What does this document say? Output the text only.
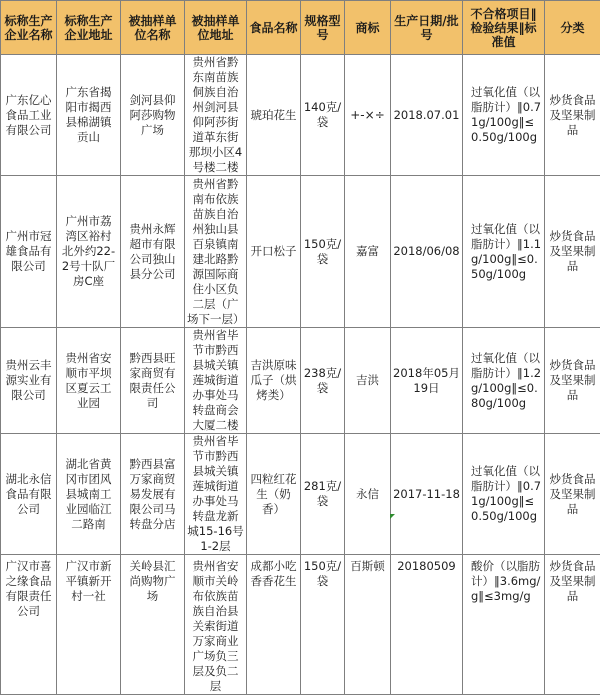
标称生产企业名称	标称生产企业地址	被抽样单位名称	被抽样单位地址	食品名称	规格型号	商标	生产日期/批号	不合格项目‖检验结果‖标准值	分类
广东亿心食品工业有限公司	广东省揭阳市揭西县棉湖镇贡山	剑河县仰阿莎购物广场	贵州省黔东南苗族侗族自治州剑河县仰阿莎街道革东街那坝小区4号楼二楼	琥珀花生	140克/袋	+-×÷	2018.07.01	过氧化值（以脂肪计）‖0.71g/100g‖≤0.50g/100g	炒货食品及坚果制品
广州市冠雄食品有限公司	广州市荔湾区裕村北外约22-2号十队厂房C座	贵州永辉超市有限公司独山县分公司	贵州省黔南布依族苗族自治州独山县百泉镇南建北路黔源国际商住小区负二层（广场下一层）	开口松子	150克/袋	嘉富	2018/06/08	过氧化值（以脂肪计）‖1.1g/100g‖≤0.50g/100g	炒货食品及坚果制品
贵州云丰源实业有限公司	贵州省安顺市平坝区夏云工业园	黔西县旺家商贸有限责任公司	贵州省毕节市黔西县城关镇莲城街道办事处马转盘商会大厦二楼	吉洪原味瓜子（烘烤类）	238克/袋	吉洪	2018年05月19日	过氧化值（以脂肪计）‖1.2g/100g‖≤0.80g/100g	炒货食品及坚果制品
湖北永信食品有限公司	湖北省黄冈市团风县城南工业园临江二路南	黔西县富万家商贸易发展有限公司马转盘分店	贵州省毕节市黔西县城关镇莲城街道办事处马转盘龙新城15-16号1-2层	四粒红花生（奶香）	281克/袋	永信	2017-11-18	过氧化值（以脂肪计）‖0.71g/100g‖≤0.50g/100g	炒货食品及坚果制品
广汉市喜之缘食品有限责任公司	广汉市新平镇新开村一社	关岭县汇尚购物广场	贵州省安顺市关岭布依族苗族自治县关索街道万家商业广场负三层及负二层	成都小吃香香花生	150克/袋	百斯顿	20180509	酸价（以脂肪计）‖3.6mg/g‖≤3mg/g	炒货食品及坚果制品
